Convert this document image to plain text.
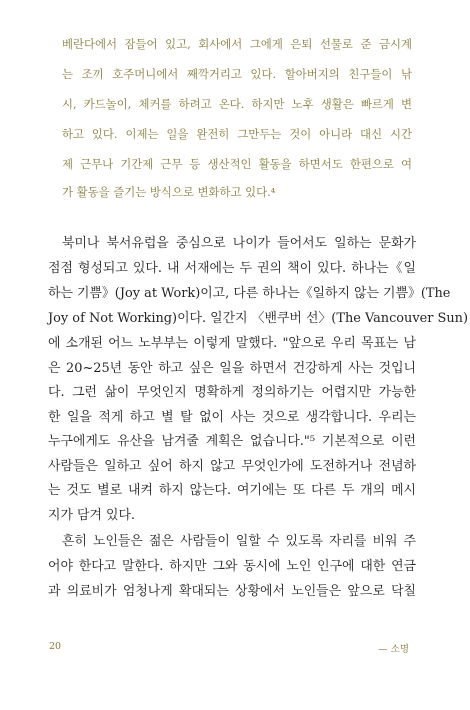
베란다에서 잠들어 있고, 회사에서 그에게 은퇴 선물로 준 금시계
는 조끼 호주머니에서 째깍거리고 있다. 할아버지의 친구들이 낚
시, 카드놀이, 체커를 하려고 온다. 하지만 노후 생활은 빠르게 변
하고 있다. 이제는 일을 완전히 그만두는 것이 아니라 대신 시간
제 근무나 기간제 근무 등 생산적인 활동을 하면서도 한편으로 여
가 활동을 즐기는 방식으로 변화하고 있다.⁴
북미나 북서유럽을 중심으로 나이가 들어서도 일하는 문화가
점점 형성되고 있다. 내 서재에는 두 권의 책이 있다. 하나는《일
하는 기쁨》(Joy at Work)이고, 다른 하나는《일하지 않는 기쁨》(The
Joy of Not Working)이다. 일간지 〈밴쿠버 선〉(The Vancouver Sun)
에 소개된 어느 노부부는 이렇게 말했다. "앞으로 우리 목표는 남
은 20~25년 동안 하고 싶은 일을 하면서 건강하게 사는 것입니
다. 그런 삶이 무엇인지 명확하게 정의하기는 어렵지만 가능한
한 일을 적게 하고 별 탈 없이 사는 것으로 생각합니다. 우리는
누구에게도 유산을 남겨줄 계획은 없습니다."⁵ 기본적으로 이런
사람들은 일하고 싶어 하지 않고 무엇인가에 도전하거나 전념하
는 것도 별로 내켜 하지 않는다. 여기에는 또 다른 두 개의 메시
지가 담겨 있다.
흔히 노인들은 젊은 사람들이 일할 수 있도록 자리를 비워 주
어야 한다고 말한다. 하지만 그와 동시에 노인 인구에 대한 연금
과 의료비가 엄청나게 확대되는 상황에서 노인들은 앞으로 닥칠
20	— 소명
